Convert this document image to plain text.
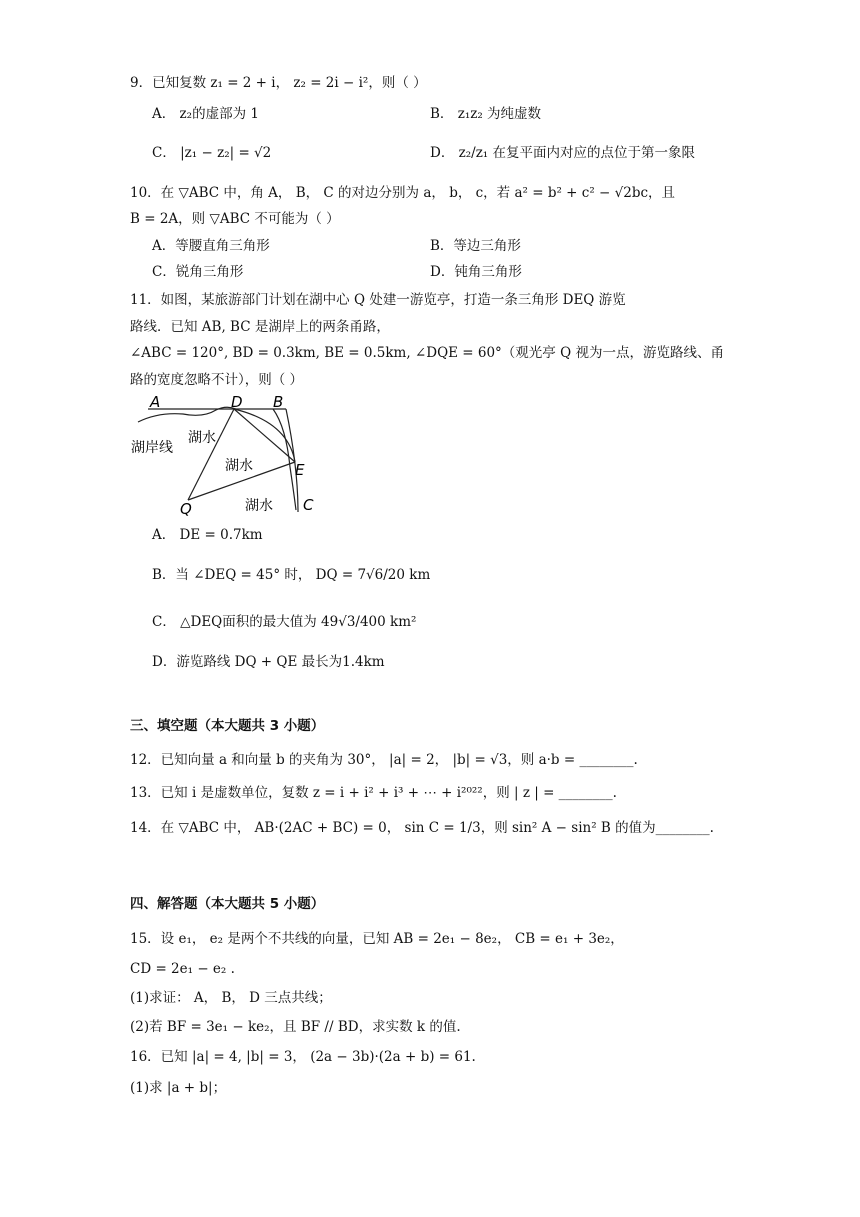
9．已知复数 z₁ = 2 + i， z₂ = 2i − i²，则（ ）
A． z₂的虚部为 1	B． z₁z₂ 为纯虚数
C． |z₁ − z₂| = √2	D． z₂/z₁ 在复平面内对应的点位于第一象限
10．在 ▽ABC 中，角 A， B， C 的对边分别为 a， b， c，若 a² = b² + c² − √2bc，且
B = 2A，则 ▽ABC 不可能为（ ）
A．等腰直角三角形	B．等边三角形
C．锐角三角形	D．钝角三角形
11．如图，某旅游部门计划在湖中心 Q 处建一游览亭，打造一条三角形 DEQ 游览
路线．已知 AB, BC 是湖岸上的两条甬路，
∠ABC = 120°, BD = 0.3km, BE = 0.5km, ∠DQE = 60°（观光亭 Q 视为一点，游览路线、甬
路的宽度忽略不计），则（ ）
A	D B
E
C
Q
湖岸线
湖水
湖水
湖水
A． DE = 0.7km
B．当 ∠DEQ = 45° 时， DQ = 7√6/20 km
C． △DEQ面积的最大值为 49√3/400 km²
D．游览路线 DQ + QE 最长为1.4km
三、填空题（本大题共 3 小题）
12．已知向量 a 和向量 b 的夹角为 30°， |a| = 2， |b| = √3，则 a·b = ________.
13．已知 i 是虚数单位，复数 z = i + i² + i³ + ⋯ + i²⁰²²，则 | z | = ________.
14．在 ▽ABC 中， AB·(2AC + BC) = 0， sin C = 1/3，则 sin² A − sin² B 的值为________.
四、解答题（本大题共 5 小题）
15．设 e₁， e₂ 是两个不共线的向量，已知 AB = 2e₁ − 8e₂， CB = e₁ + 3e₂，
CD = 2e₁ − e₂ .
(1)求证： A， B， D 三点共线；
(2)若 BF = 3e₁ − ke₂，且 BF // BD，求实数 k 的值.
16．已知 |a| = 4, |b| = 3， (2a − 3b)·(2a + b) = 61.
(1)求 |a + b|；
